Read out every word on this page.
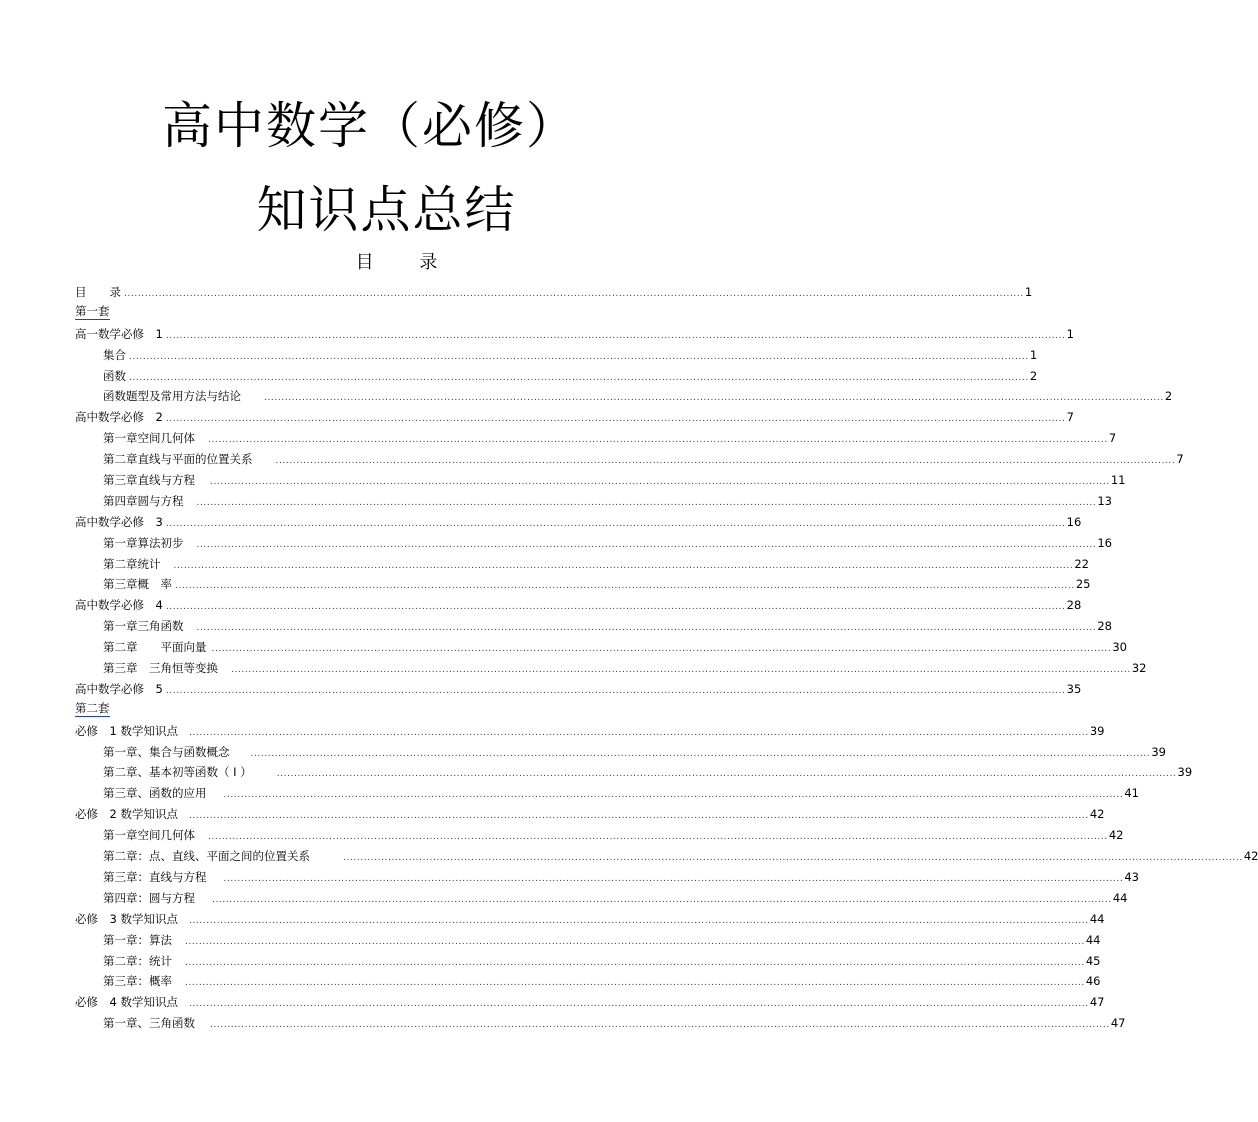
高中数学（必修）
知识点总结
目	录
目　　录 .................................................................................................................................................................................................................................................................... 1
第一套
高一数学必修　1 .................................................................................................................................................................................................................................................................... 1
集合 .................................................................................................................................................................................................................................................................... 1
函数 .................................................................................................................................................................................................................................................................... 2
函数题型及常用方法与结论	.................................................................................................................................................................................................................................................................... 2
高中数学必修　2 .................................................................................................................................................................................................................................................................... 7
第一章空间几何体 .................................................................................................................................................................................................................................................................... 7
第二章直线与平面的位置关系	.................................................................................................................................................................................................................................................................... 7
第三章直线与方程 .................................................................................................................................................................................................................................................................... 11
第四章圆与方程 .................................................................................................................................................................................................................................................................... 13
高中数学必修　3 .................................................................................................................................................................................................................................................................... 16
第一章算法初步 .................................................................................................................................................................................................................................................................... 16
第二章统计 .................................................................................................................................................................................................................................................................... 22
第三章概　率 .................................................................................................................................................................................................................................................................... 25
高中数学必修　4 .................................................................................................................................................................................................................................................................... 28
第一章三角函数 .................................................................................................................................................................................................................................................................... 28
第二章　　平面向量 .................................................................................................................................................................................................................................................................... 30
第三章　三角恒等变换 .................................................................................................................................................................................................................................................................... 32
高中数学必修　5 .................................................................................................................................................................................................................................................................... 35
第二套
必修　1 数学知识点 .................................................................................................................................................................................................................................................................... 39
第一章、集合与函数概念 .................................................................................................................................................................................................................................................................... 39
第二章、基本初等函数（ Ⅰ ）	.................................................................................................................................................................................................................................................................... 39
第三章、函数的应用 .................................................................................................................................................................................................................................................................... 41
必修　2 数学知识点 .................................................................................................................................................................................................................................................................... 42
第一章空间几何体 .................................................................................................................................................................................................................................................................... 42
第二章：点、直线、平面之间的位置关系	.................................................................................................................................................................................................................................................................... 42
第三章：直线与方程 .................................................................................................................................................................................................................................................................... 43
第四章：圆与方程 .................................................................................................................................................................................................................................................................... 44
必修　3 数学知识点 .................................................................................................................................................................................................................................................................... 44
第一章：算法 .................................................................................................................................................................................................................................................................... 44
第二章：统计 .................................................................................................................................................................................................................................................................... 45
第三章：概率 .................................................................................................................................................................................................................................................................... 46
必修　4 数学知识点 .................................................................................................................................................................................................................................................................... 47
第一章、三角函数 .................................................................................................................................................................................................................................................................... 47
